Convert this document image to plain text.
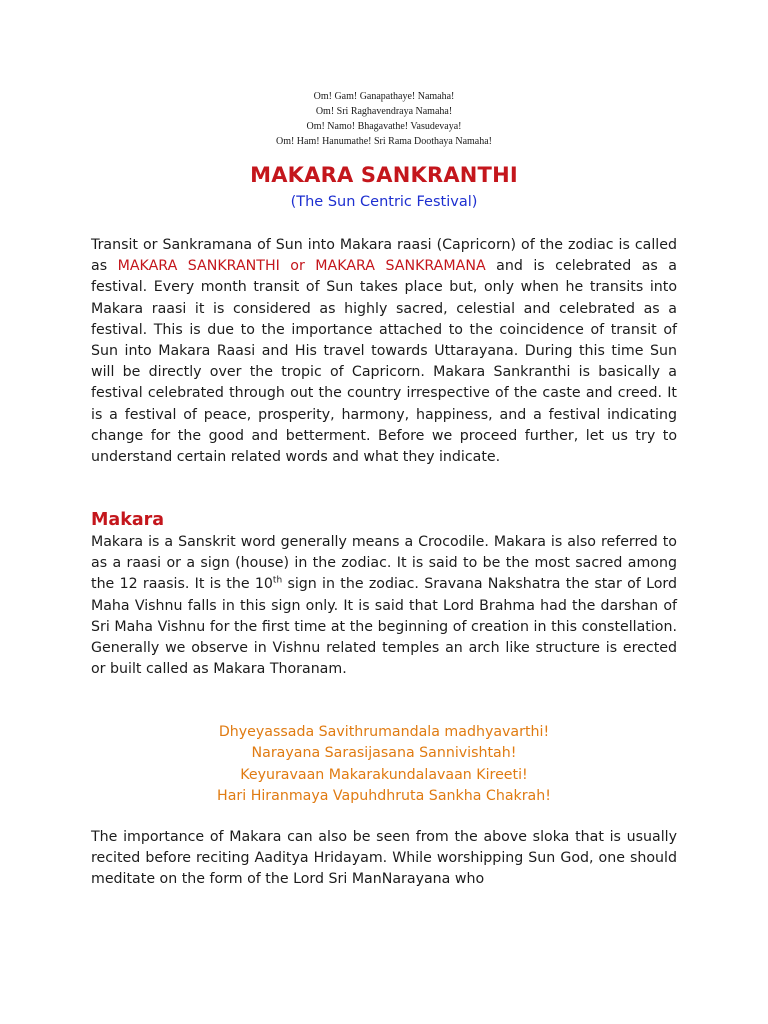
Om! Gam! Ganapathaye! Namaha!
Om! Sri Raghavendraya Namaha!
Om! Namo! Bhagavathe! Vasudevaya!
Om! Ham! Hanumathe! Sri Rama Doothaya Namaha!
MAKARA SANKRANTHI
(The Sun Centric Festival)

Transit or Sankramana of Sun into Makara raasi (Capricorn) of the zodiac is called as MAKARA SANKRANTHI or MAKARA SANKRAMANA and is celebrated as a festival. Every month transit of Sun takes place but, only when he transits into Makara raasi it is considered as highly sacred, celestial and celebrated as a festival. This is due to the importance attached to the coincidence of transit of Sun into Makara Raasi and His travel towards Uttarayana. During this time Sun will be directly over the tropic of Capricorn. Makara Sankranthi is basically a festival celebrated through out the country irrespective of the caste and creed. It is a festival of peace, prosperity, harmony, happiness, and a festival indicating change for the good and betterment. Before we proceed further, let us try to understand certain related words and what they indicate.

Makara

Makara is a Sanskrit word generally means a Crocodile. Makara is also referred to as a raasi or a sign (house) in the zodiac. It is said to be the most sacred among the 12 raasis. It is the 10th sign in the zodiac. Sravana Nakshatra the star of Lord Maha Vishnu falls in this sign only. It is said that Lord Brahma had the darshan of Sri Maha Vishnu for the first time at the beginning of creation in this constellation. Generally we observe in Vishnu related temples an arch like structure is erected or built called as Makara Thoranam.

Dhyeyassada Savithrumandala madhyavarthi!
Narayana Sarasijasana Sannivishtah!
Keyuravaan Makarakundalavaan Kireeti!
Hari Hiranmaya Vapuhdhruta Sankha Chakrah!

The importance of Makara can also be seen from the above sloka that is usually recited before reciting Aaditya Hridayam. While worshipping Sun God, one should meditate on the form of the Lord Sri ManNarayana who
